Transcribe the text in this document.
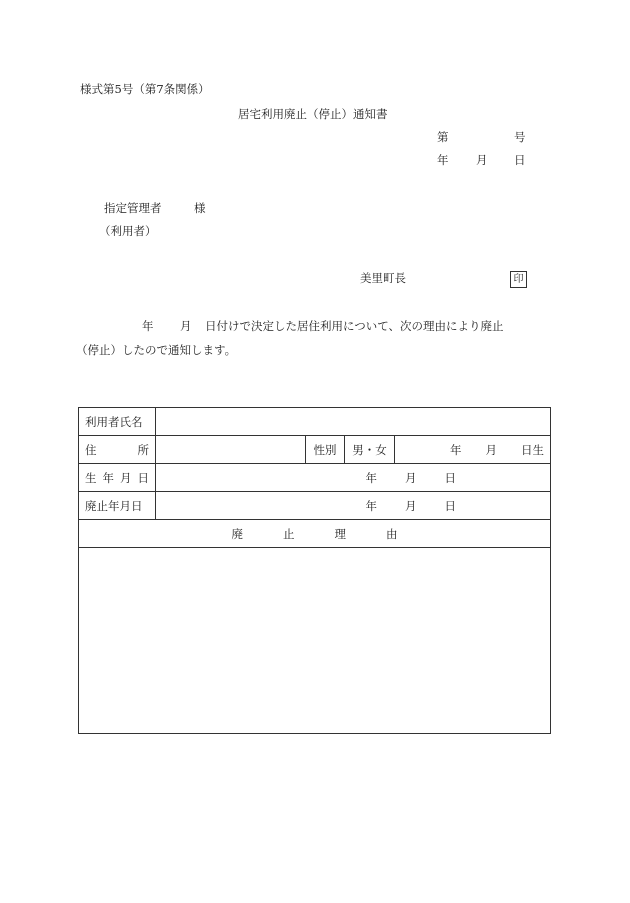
様式第5号（第7条関係）
居宅利用廃止（停止）通知書
第	号
年 月 日
指定管理者	様
（利用者）
美里町長	印
年 月 日付けで決定した居住利用について、次の理由により廃止
（停止）したので通知します。
利用者氏名				

住 所		性別	男・女	年 月 日生

生 年 月 日	年 月 日			

廃止年月日	年 月 日			

廃 止 理 由				
